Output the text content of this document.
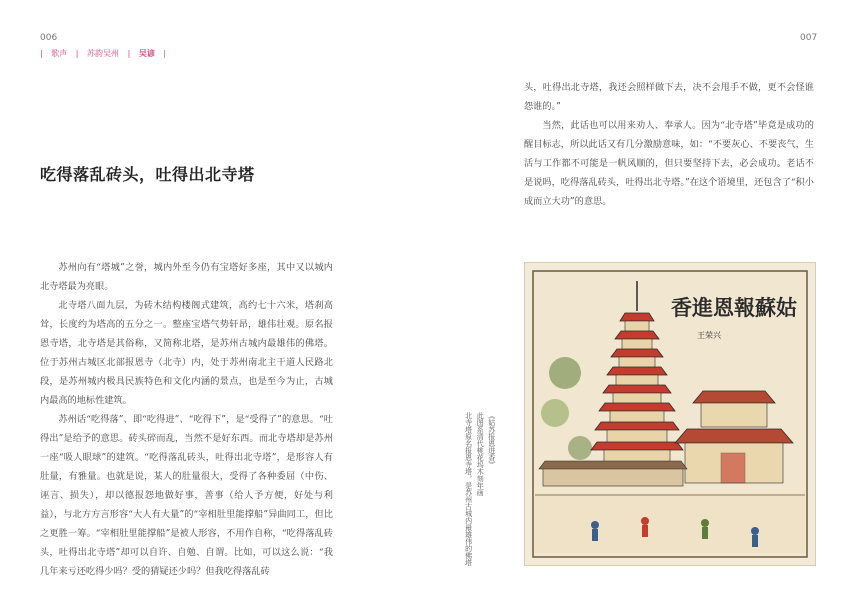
006	007
| 歌声 | 苏韵吴州 | 吴谚 |
吃得落乱砖头，吐得出北寺塔

苏州向有“塔城”之誉，城内外至今仍有宝塔好多座，其中又以城内北寺塔最为亮眼。

北寺塔八面九层，为砖木结构楼阁式建筑，高约七十六米，塔刹高耸，长度约为塔高的五分之一。整座宝塔气势轩昂，雄伟壮观。原名报恩寺塔，北寺塔是其俗称，又简称北塔，是苏州古城内最雄伟的佛塔。位于苏州古城区北部报恩寺（北寺）内，处于苏州南北主干道人民路北段，是苏州城内极具民族特色和文化内涵的景点，也是至今为止，古城内最高的地标性建筑。

苏州话“吃得落”、即“吃得进”、“吃得下”，是“受得了”的意思。“吐得出”是给予的意思。砖头碎而乱，当然不是好东西。而北寺塔却是苏州一座“吸人眼球”的建筑。“吃得落乱砖头，吐得出北寺塔”，是形容人有肚量，有雅量。也就是说，某人的肚量很大，受得了各种委屈（中伤、诬言、损失），却以德报怨地做好事，善事（给人予方便，好处与利益），与北方方言形容“大人有大量”的“宰相肚里能撑船”异曲同工，但比之更胜一筹。“宰相肚里能撑船”是被人形容，不用作自称，“吃得落乱砖头，吐得出北寺塔”却可以自许、自勉、自谓。比如，可以这么说：“我几年来亏还吃得少吗？受的猜疑还少吗？但我吃得落乱砖

头，吐得出北寺塔，我还会照样做下去，决不会甩手不做，更不会怪谁怨谁的。”

当然，此话也可以用来劝人、奉承人。因为“北寺塔”毕竟是成功的醒目标志，所以此话又有几分激励意味，如：“不要灰心、不要丧气，生活与工作都不可能是一帆风顺的，但只要坚持下去，必会成功。老话不是说吗，吃得落乱砖头，吐得出北寺塔。”在这个语境里，还包含了“积小成而立大功”的意思。

《姑苏报恩进香》
此图系清代桃花坞木刻年画
北寺塔原名报恩寺塔，是苏州古城内最雄伟的佛塔
香進恩報蘇姑
王荣兴
